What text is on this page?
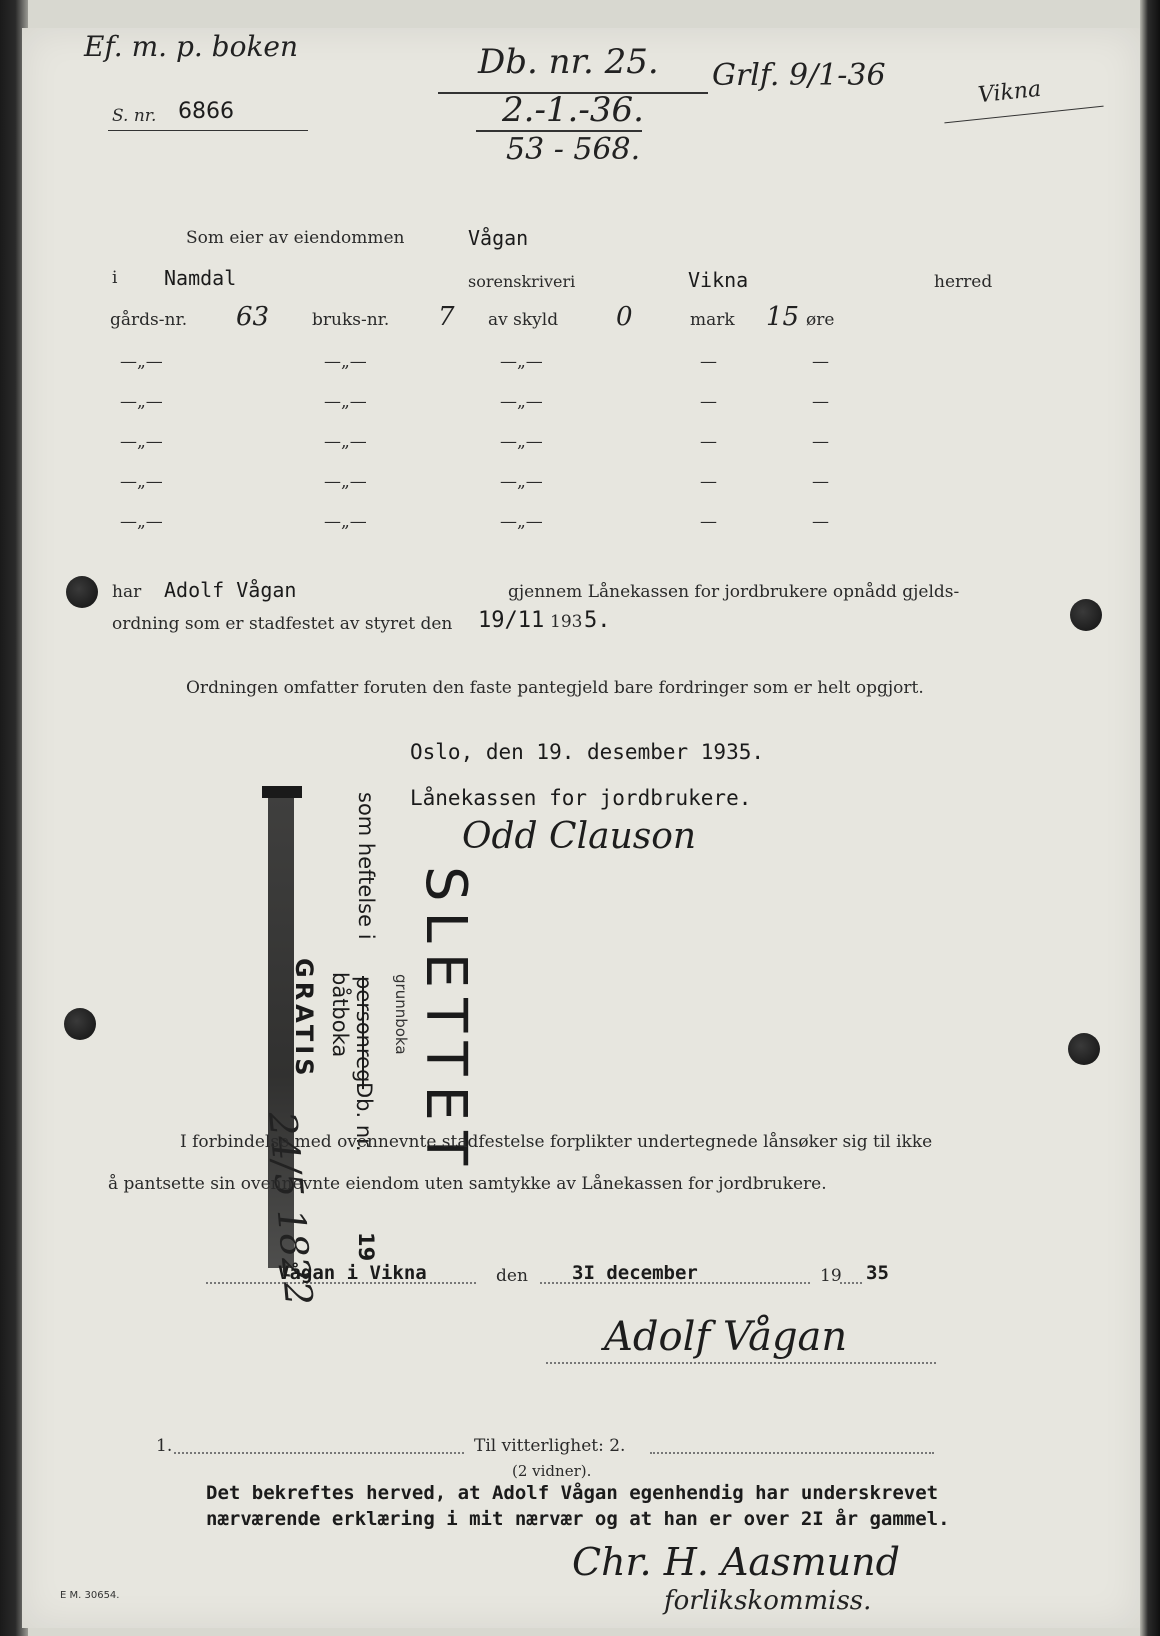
Ef. m. p. boken
S. nr. 6866
Db. nr. 25.
2.-1.-36.
53 - 568.
Grlf. 9/1-36	Vikna
Som eier av eiendommen	Vågan
i Namdal	sorenskriveri	Vikna	herred
gårds-nr. 63	bruks-nr. 7 av skyld 0	mark 15 øre
—„—	—„—	—„—	—	—
—„—	—„—	—„—	—	—
—„—	—„—	—„—	—	—
—„—	—„—	—„—	—	—
—„—	—„—	—„—	—	—
har Adolf Vågan	gjennem Lånekassen for jordbrukere opnådd gjelds-
ordning som er stadfestet av styret den 19/11 193 5.
Ordningen omfatter foruten den faste pantegjeld bare fordringer som er helt opgjort.
Oslo, den 19. desember 1935.
Lånekassen for jordbrukere.
Odd Clauson
SLETTET
som heftelse i
grunnboka
personreg.
båtboka
Db. nr.
GRATIS
24/5 1822 19
I forbindelse med ovennevnte stadfestelse forplikter undertegnede lånsøker sig til ikke
å pantsette sin ovennevnte eiendom uten samtykke av Lånekassen for jordbrukere.
Vågan i Vikna	den 3I december	19 35
Adolf Vågan
1.	Til vitterlighet: 2.
(2 vidner).
Det bekreftes herved, at Adolf Vågan egenhendig har underskrevet
nærværende erklæring i mit nærvær og at han er over 2I år gammel.
Chr. H. Aasmund
forlikskommiss.
E M. 30654.
